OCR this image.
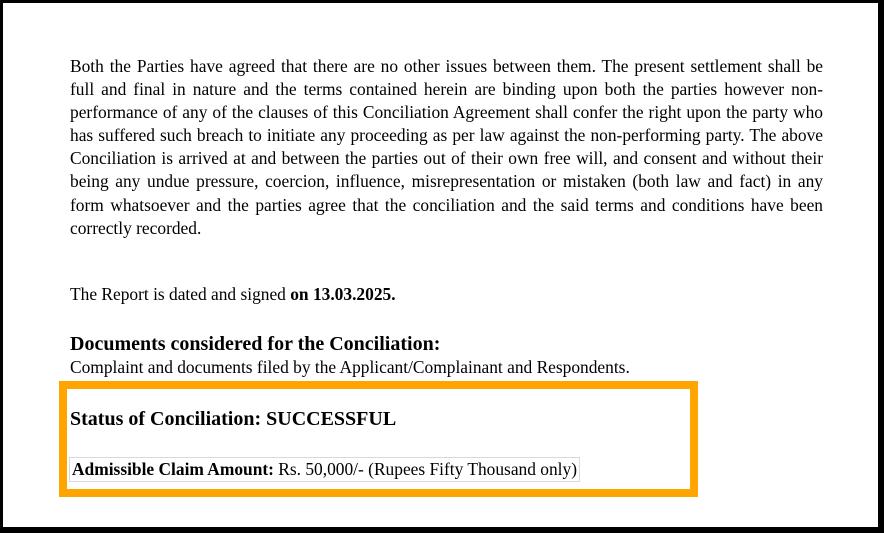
Both the Parties have agreed that there are no other issues between them. The present settlement shall be full and final in nature and the terms contained herein are binding upon both the parties however non-performance of any of the clauses of this Conciliation Agreement shall confer the right upon the party who has suffered such breach to initiate any proceeding as per law against the non-performing party. The above Conciliation is arrived at and between the parties out of their own free will, and consent and without their being any undue pressure, coercion, influence, misrepresentation or mistaken (both law and fact) in any form whatsoever and the parties agree that the conciliation and the said terms and conditions have been correctly recorded.

The Report is dated and signed on 13.03.2025.

Documents considered for the Conciliation:

Complaint and documents filed by the Applicant/Complainant and Respondents.

Status of Conciliation: SUCCESSFUL

Admissible Claim Amount: Rs. 50,000/- (Rupees Fifty Thousand only)
